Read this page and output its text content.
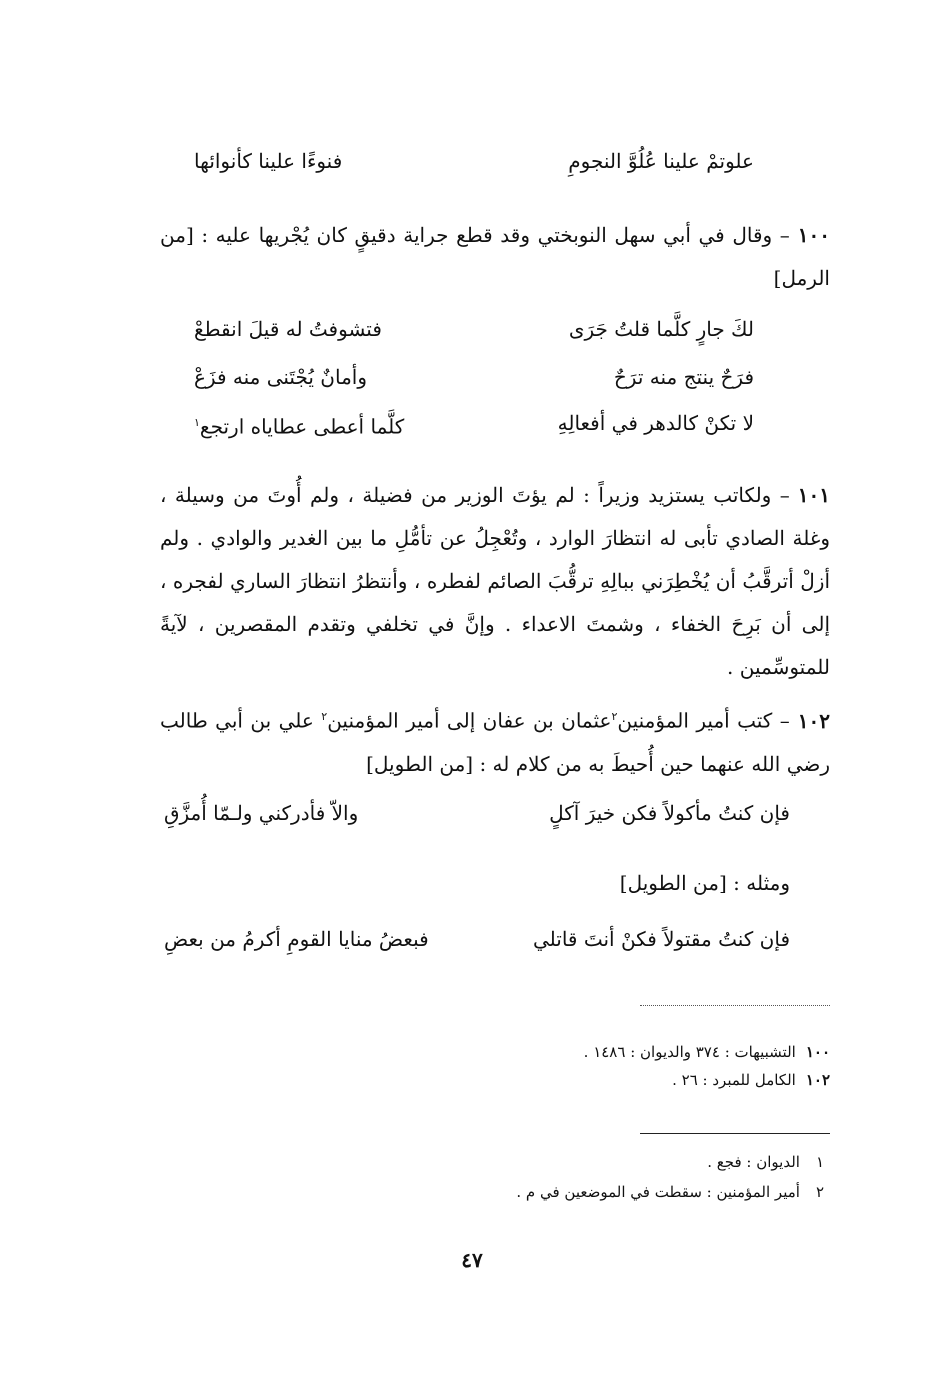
علوتمْ علينا عُلُوَّ النجومِ
فنوءًا علينا كأنوائها
١٠٠– وقال في أبي سهل النوبختي وقد قطع جراية دقيقٍ كان يُجْريها عليه : [من الرمل]
لكَ جارٍ كلَّما قلتُ جَرَى
فتشوفتُ له قيلَ انقطعْ
فرَحٌ ينتج منه ترَحٌ
وأمانٌ يُجْتَنى منه فزَعْ
لا تكنْ كالدهر في أفعالِهِ
كلَّما أعطى عطاياه ارتجع$^١$
١٠١– ولكاتب يستزيد وزيراً : لم يؤتَ الوزير من فضيلة ، ولم أُوتَ من وسيلة ، وغلة الصادي تأبى له انتظارَ الوارد ، وتُعْجِلُ عن تأمُّلِ ما بين الغدير والوادي . ولم أزلْ أترقَّبُ أن يُخْطِرَني ببالِهِ ترقُّبَ الصائم لفطره ، وأنتظرُ انتظارَ الساري لفجره ، إلى أن بَرِحَ الخفاء ، وشمتَ الاعداء . وإنَّ في تخلفي وتقدم المقصرين ، لآيةً للمتوسِّمين .
١٠٢– كتب أمير المؤمنين$^٢$عثمان بن عفان إلى أمير المؤمنين$^٢$ علي بن أبي طالب رضي الله عنهما حين أُحيطَ به من كلام له : [من الطويل]
فإن كنتُ مأكولاً فكن خيرَ آكلٍ
والاّ فأدركني ولـمّا أُمزَّقِ
ومثله : [من الطويل]
فإن كنتُ مقتولاً فكنْ أنتَ قاتلي
فبعضُ منايا القومِ أكرمُ من بعضِ
١٠٠التشبيهات : ٣٧٤ والديوان : ١٤٨٦ .
١٠٢الكامل للمبرد : ٢٦ .
١الديوان : فجع .
٢أمير المؤمنين : سقطت في الموضعين في م .
٤٧
